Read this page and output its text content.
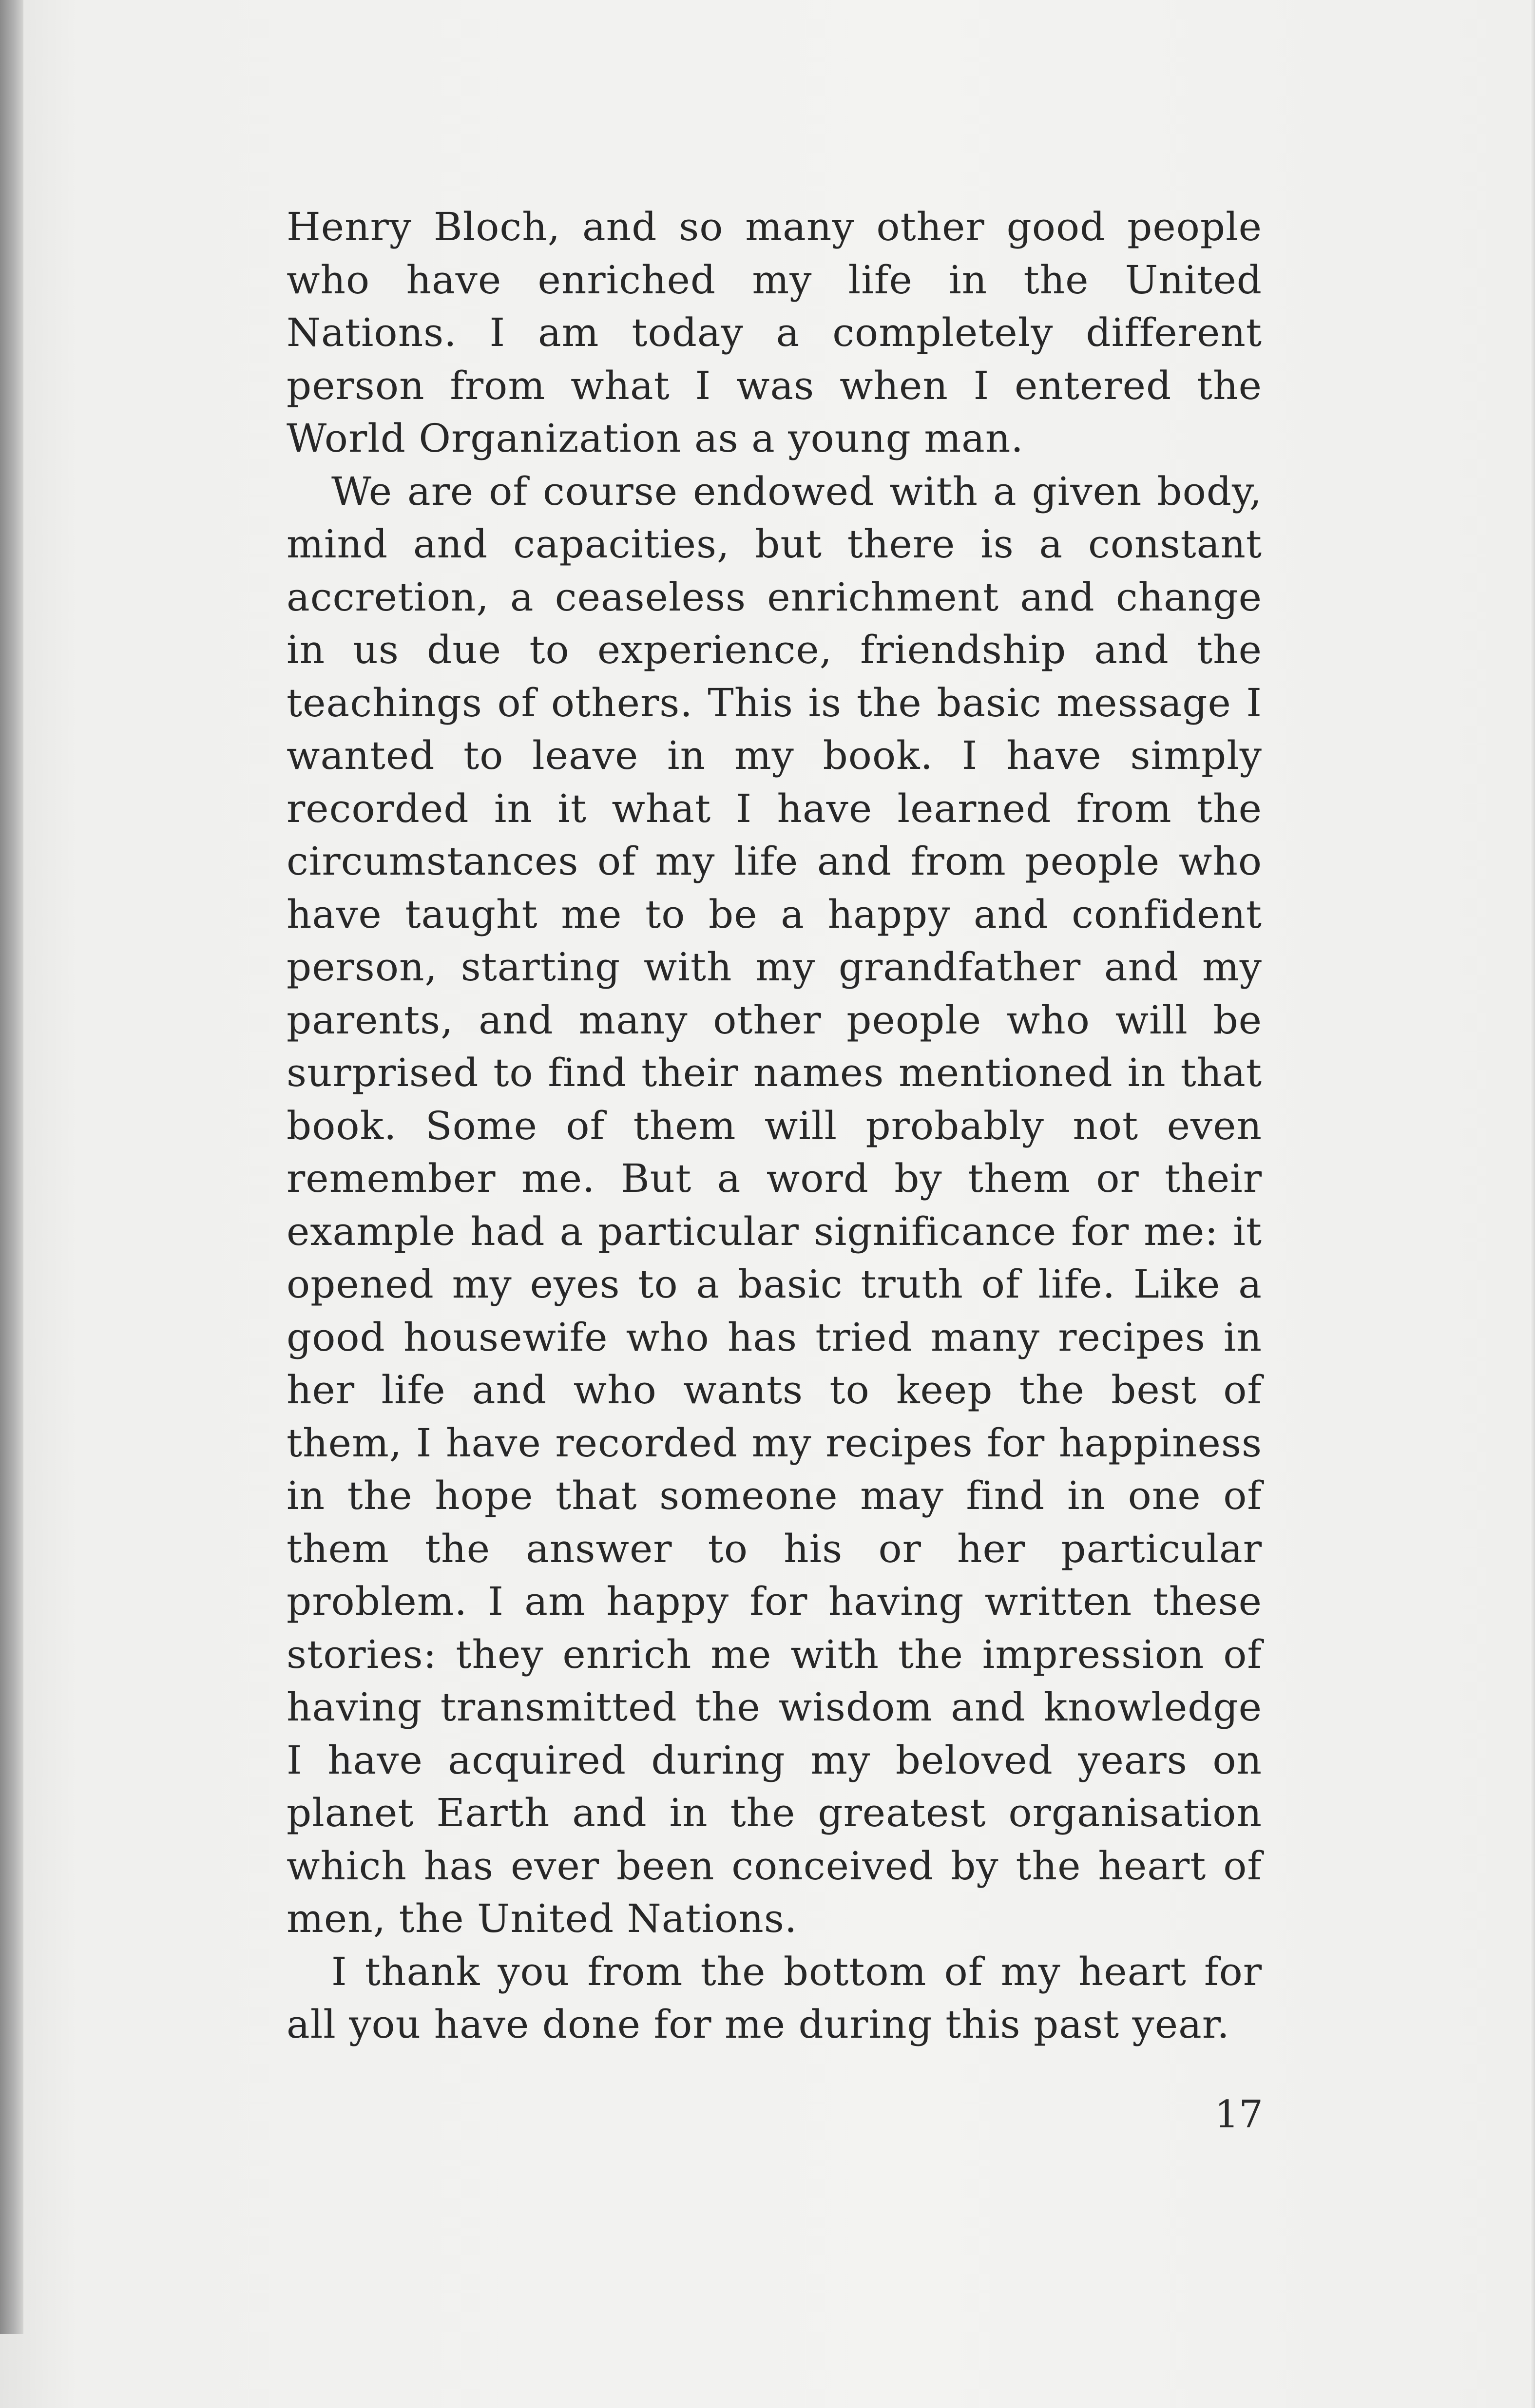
Henry Bloch, and so many other good people who have enriched my life in the United Nations. I am today a completely different person from what I was when I entered the World Organization as a young man.

We are of course endowed with a given body, mind and capacities, but there is a constant accretion, a ceaseless enrichment and change in us due to experience, friendship and the teachings of others. This is the basic message I wanted to leave in my book. I have simply recorded in it what I have learned from the circumstances of my life and from people who have taught me to be a happy and confident person, starting with my grandfather and my parents, and many other people who will be surprised to find their names mentioned in that book. Some of them will probably not even remember me. But a word by them or their example had a particular significance for me: it opened my eyes to a basic truth of life. Like a good housewife who has tried many recipes in her life and who wants to keep the best of them, I have recorded my recipes for happiness in the hope that someone may find in one of them the answer to his or her particular problem. I am happy for having written these stories: they enrich me with the impression of having transmitted the wisdom and knowledge I have acquired during my beloved years on planet Earth and in the greatest organisation which has ever been conceived by the heart of men, the United Nations.

I thank you from the bottom of my heart for all you have done for me during this past year.

17
